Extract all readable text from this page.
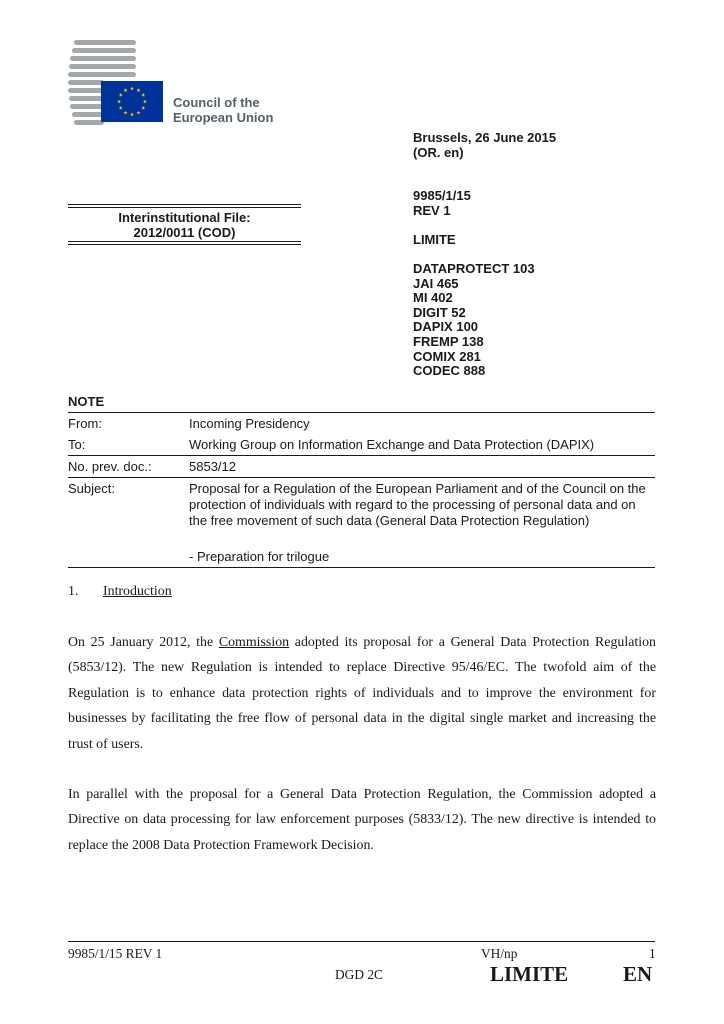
Council of the
European Union
Brussels, 26 June 2015
(OR. en)
9985/1/15
REV 1
LIMITE
DATAPROTECT 103
JAI 465
MI 402
DIGIT 52
DAPIX 100
FREMP 138
COMIX 281
CODEC 888
Interinstitutional File:
2012/0011 (COD)
NOTE
From:	Incoming Presidency
To:	Working Group on Information Exchange and Data Protection (DAPIX)
No. prev. doc.:	5853/12
Subject:	Proposal for a Regulation of the European Parliament and of the Council on the protection of individuals with regard to the processing of personal data and on the free movement of such data (General Data Protection Regulation)
- Preparation for trilogue
1. Introduction
On 25 January 2012, the Commission adopted its proposal for a General Data Protection Regulation (5853/12). The new Regulation is intended to replace Directive 95/46/EC. The twofold aim of the Regulation is to enhance data protection rights of individuals and to improve the environment for businesses by facilitating the free flow of personal data in the digital single market and increasing the trust of users.
In parallel with the proposal for a General Data Protection Regulation, the Commission adopted a Directive on data processing for law enforcement purposes (5833/12). The new directive is intended to replace the 2008 Data Protection Framework Decision.
9985/1/15 REV 1	VH/np	1
DGD 2C	LIMITE	EN
